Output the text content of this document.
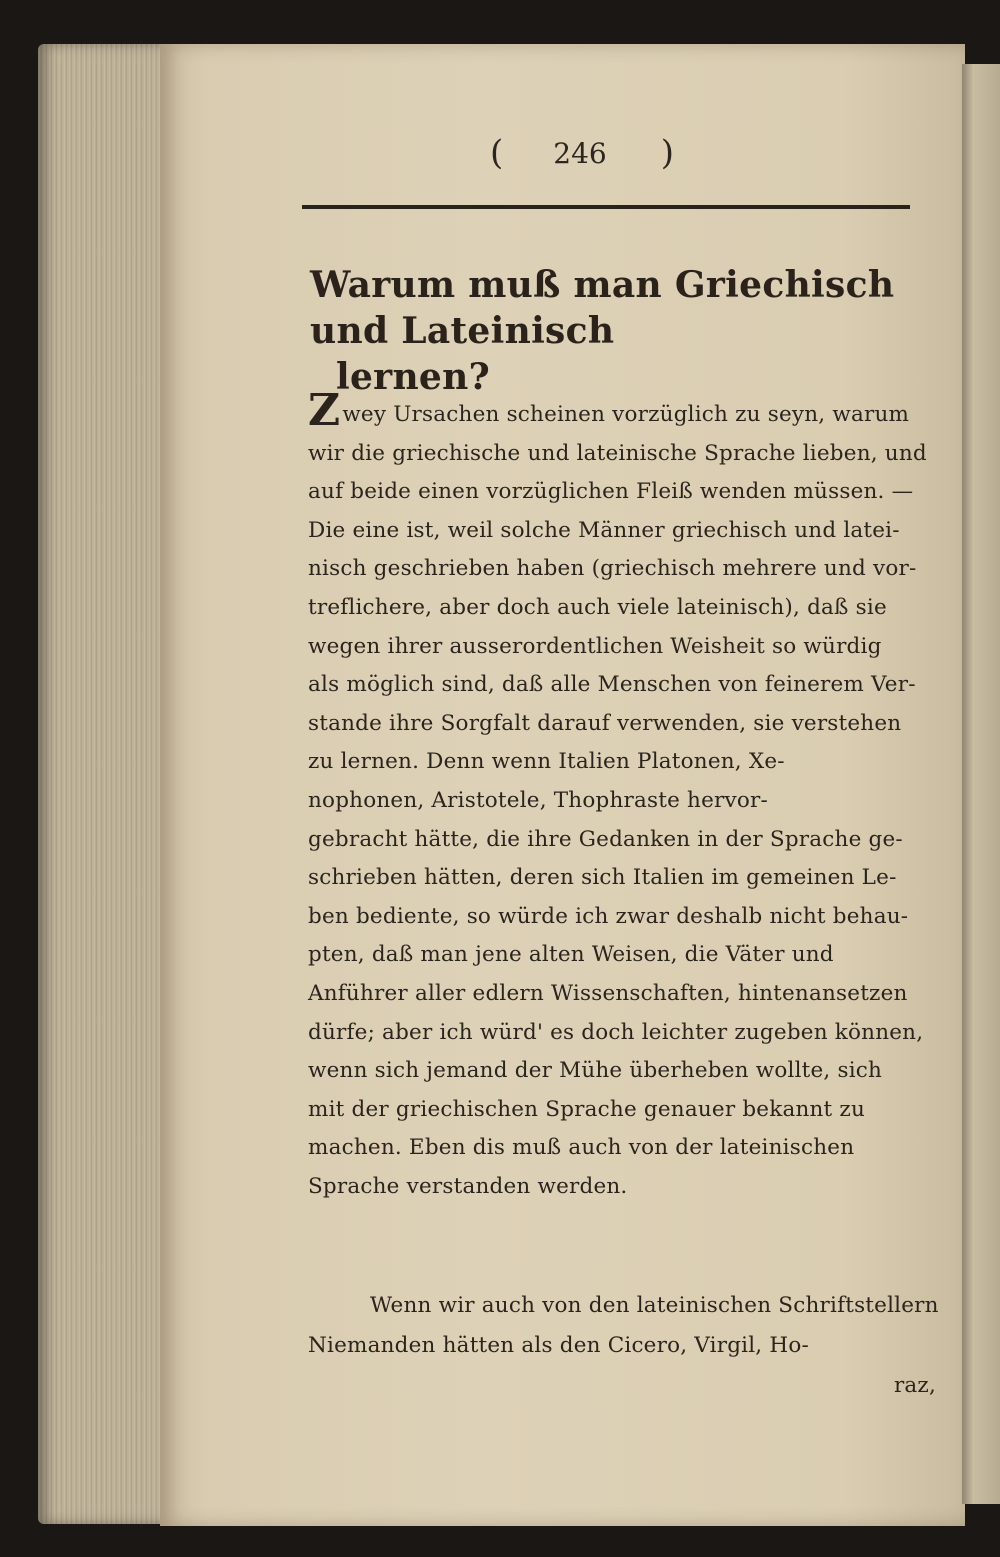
( 246 )
Warum muß man Griechisch und Lateinisch
lernen?
Zwey Ursachen scheinen vorzüglich zu seyn, warum
wir die griechische und lateinische Sprache lieben, und
auf beide einen vorzüglichen Fleiß wenden müssen. —
Die eine ist, weil solche Männer griechisch und latei-
nisch geschrieben haben (griechisch mehrere und vor-
treflichere, aber doch auch viele lateinisch), daß sie
wegen ihrer ausserordentlichen Weisheit so würdig
als möglich sind, daß alle Menschen von feinerem Ver-
stande ihre Sorgfalt darauf verwenden, sie verstehen
zu lernen. Denn wenn Italien Platonen, Xe-
nophonen, Aristotele, Thophraste hervor-
gebracht hätte, die ihre Gedanken in der Sprache ge-
schrieben hätten, deren sich Italien im gemeinen Le-
ben bediente, so würde ich zwar deshalb nicht behau-
pten, daß man jene alten Weisen, die Väter und
Anführer aller edlern Wissenschaften, hintenansetzen
dürfe; aber ich würd' es doch leichter zugeben können,
wenn sich jemand der Mühe überheben wollte, sich
mit der griechischen Sprache genauer bekannt zu
machen. Eben dis muß auch von der lateinischen
Sprache verstanden werden.
Wenn wir auch von den lateinischen Schriftstellern
Niemanden hätten als den Cicero, Virgil, Ho-
raz,
